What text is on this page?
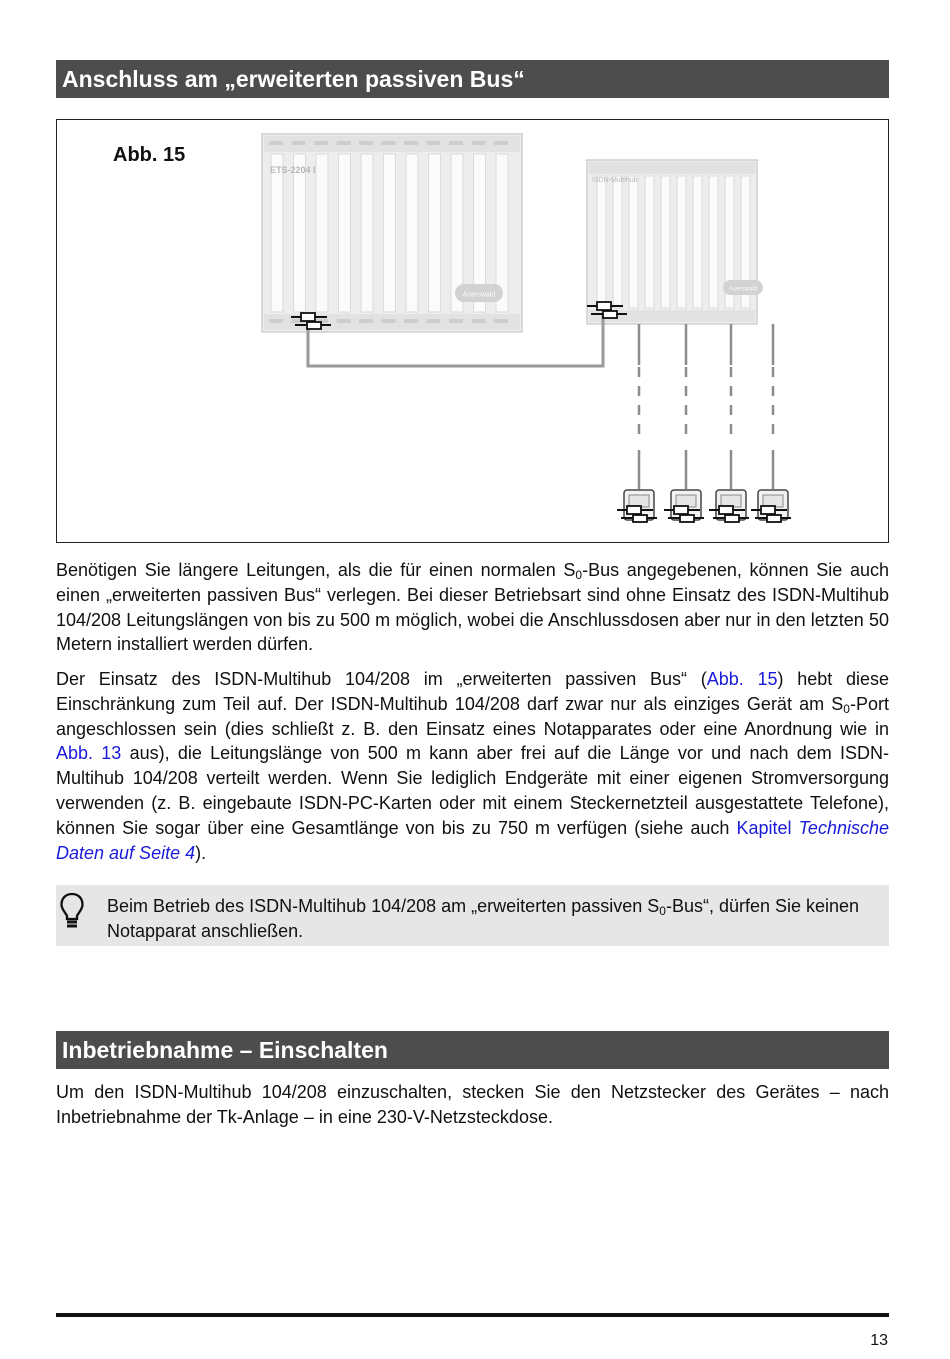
Anschluss am „erweiterten passiven Bus“
Abb. 15
ETS-2204 I
Auerswald
ISDN-Multihub
Auerswald

Benötigen Sie längere Leitungen, als die für einen normalen $S_0$-Bus angegebenen, können Sie auch einen „erweiterten passiven Bus“ verlegen. Bei dieser Betriebsart sind ohne Einsatz des ISDN-Multihub 104/208 Leitungslängen von bis zu 500 m möglich, wobei die Anschlussdosen aber nur in den letzten 50 Metern installiert werden dürfen.

Der Einsatz des ISDN-Multihub 104/208 im „erweiterten passiven Bus“ (Abb. 15) hebt diese Einschränkung zum Teil auf. Der ISDN-Multihub 104/208 darf zwar nur als einziges Gerät am $S_0$-Port angeschlossen sein (dies schließt z. B. den Einsatz eines Notapparates oder eine Anordnung wie in Abb. 13 aus), die Leitungslänge von 500 m kann aber frei auf die Länge vor und nach dem ISDN-Multihub 104/208 verteilt werden. Wenn Sie lediglich Endgeräte mit einer eigenen Stromversorgung verwenden (z. B. eingebaute ISDN-PC-Karten oder mit einem Steckernetzteil ausgestattete Telefone), können Sie sogar über eine Gesamtlänge von bis zu 750 m verfügen (siehe auch Kapitel Technische Daten auf Seite 4).

Beim Betrieb des ISDN-Multihub 104/208 am „erweiterten passiven $S_0-Bus“$, dürfen Sie keinen Notapparat anschließen.

Inbetriebnahme – Einschalten

Um den ISDN-Multihub 104/208 einzuschalten, stecken Sie den Netzstecker des Gerätes – nach Inbetriebnahme der Tk-Anlage – in eine 230-V-Netzsteckdose.

13
